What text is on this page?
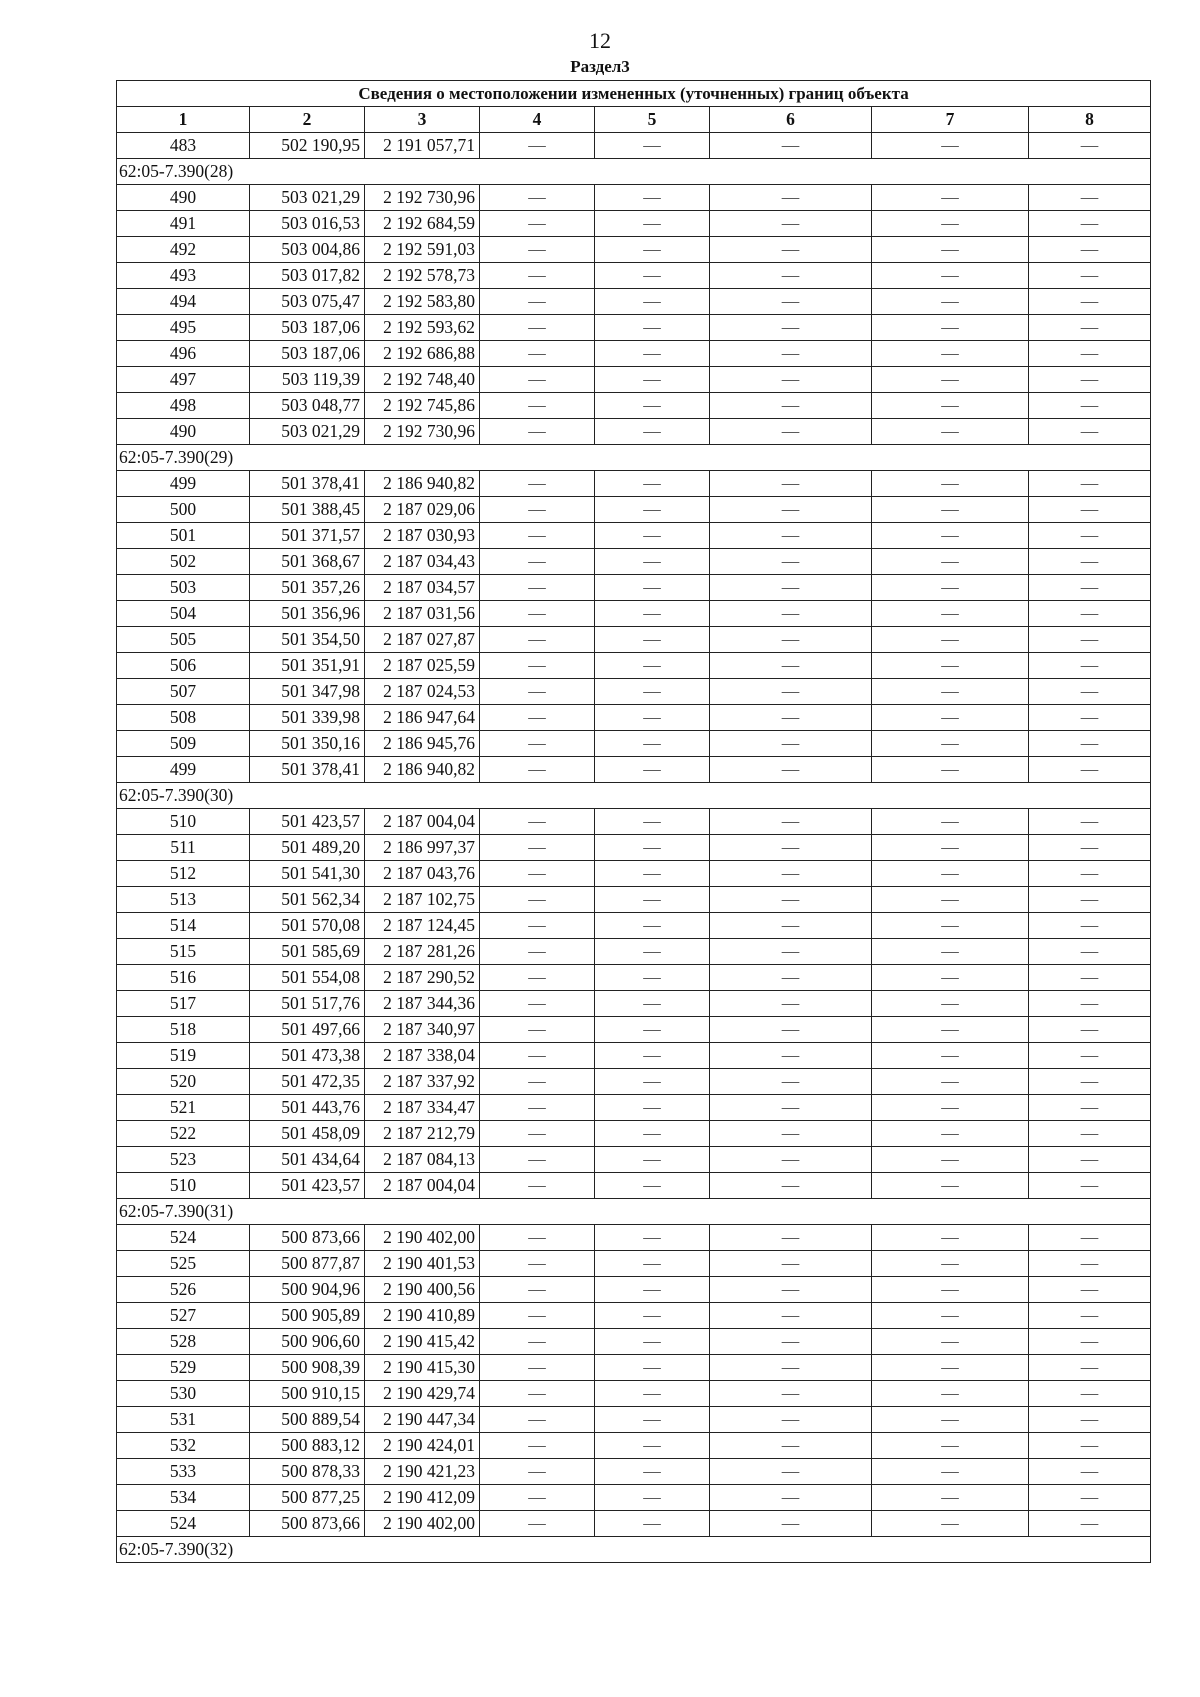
12
Раздел3
Сведения о местоположении измененных (уточненных) границ объекта							
1	2	3	4	5	6	7	8
483	502 190,95	2 191 057,71	—	—	—	—	—
62:05-7.390(28)							
490	503 021,29	2 192 730,96	—	—	—	—	—
491	503 016,53	2 192 684,59	—	—	—	—	—
492	503 004,86	2 192 591,03	—	—	—	—	—
493	503 017,82	2 192 578,73	—	—	—	—	—
494	503 075,47	2 192 583,80	—	—	—	—	—
495	503 187,06	2 192 593,62	—	—	—	—	—
496	503 187,06	2 192 686,88	—	—	—	—	—
497	503 119,39	2 192 748,40	—	—	—	—	—
498	503 048,77	2 192 745,86	—	—	—	—	—
490	503 021,29	2 192 730,96	—	—	—	—	—
62:05-7.390(29)							
499	501 378,41	2 186 940,82	—	—	—	—	—
500	501 388,45	2 187 029,06	—	—	—	—	—
501	501 371,57	2 187 030,93	—	—	—	—	—
502	501 368,67	2 187 034,43	—	—	—	—	—
503	501 357,26	2 187 034,57	—	—	—	—	—
504	501 356,96	2 187 031,56	—	—	—	—	—
505	501 354,50	2 187 027,87	—	—	—	—	—
506	501 351,91	2 187 025,59	—	—	—	—	—
507	501 347,98	2 187 024,53	—	—	—	—	—
508	501 339,98	2 186 947,64	—	—	—	—	—
509	501 350,16	2 186 945,76	—	—	—	—	—
499	501 378,41	2 186 940,82	—	—	—	—	—
62:05-7.390(30)							
510	501 423,57	2 187 004,04	—	—	—	—	—
511	501 489,20	2 186 997,37	—	—	—	—	—
512	501 541,30	2 187 043,76	—	—	—	—	—
513	501 562,34	2 187 102,75	—	—	—	—	—
514	501 570,08	2 187 124,45	—	—	—	—	—
515	501 585,69	2 187 281,26	—	—	—	—	—
516	501 554,08	2 187 290,52	—	—	—	—	—
517	501 517,76	2 187 344,36	—	—	—	—	—
518	501 497,66	2 187 340,97	—	—	—	—	—
519	501 473,38	2 187 338,04	—	—	—	—	—
520	501 472,35	2 187 337,92	—	—	—	—	—
521	501 443,76	2 187 334,47	—	—	—	—	—
522	501 458,09	2 187 212,79	—	—	—	—	—
523	501 434,64	2 187 084,13	—	—	—	—	—
510	501 423,57	2 187 004,04	—	—	—	—	—
62:05-7.390(31)							
524	500 873,66	2 190 402,00	—	—	—	—	—
525	500 877,87	2 190 401,53	—	—	—	—	—
526	500 904,96	2 190 400,56	—	—	—	—	—
527	500 905,89	2 190 410,89	—	—	—	—	—
528	500 906,60	2 190 415,42	—	—	—	—	—
529	500 908,39	2 190 415,30	—	—	—	—	—
530	500 910,15	2 190 429,74	—	—	—	—	—
531	500 889,54	2 190 447,34	—	—	—	—	—
532	500 883,12	2 190 424,01	—	—	—	—	—
533	500 878,33	2 190 421,23	—	—	—	—	—
534	500 877,25	2 190 412,09	—	—	—	—	—
524	500 873,66	2 190 402,00	—	—	—	—	—
62:05-7.390(32)							
